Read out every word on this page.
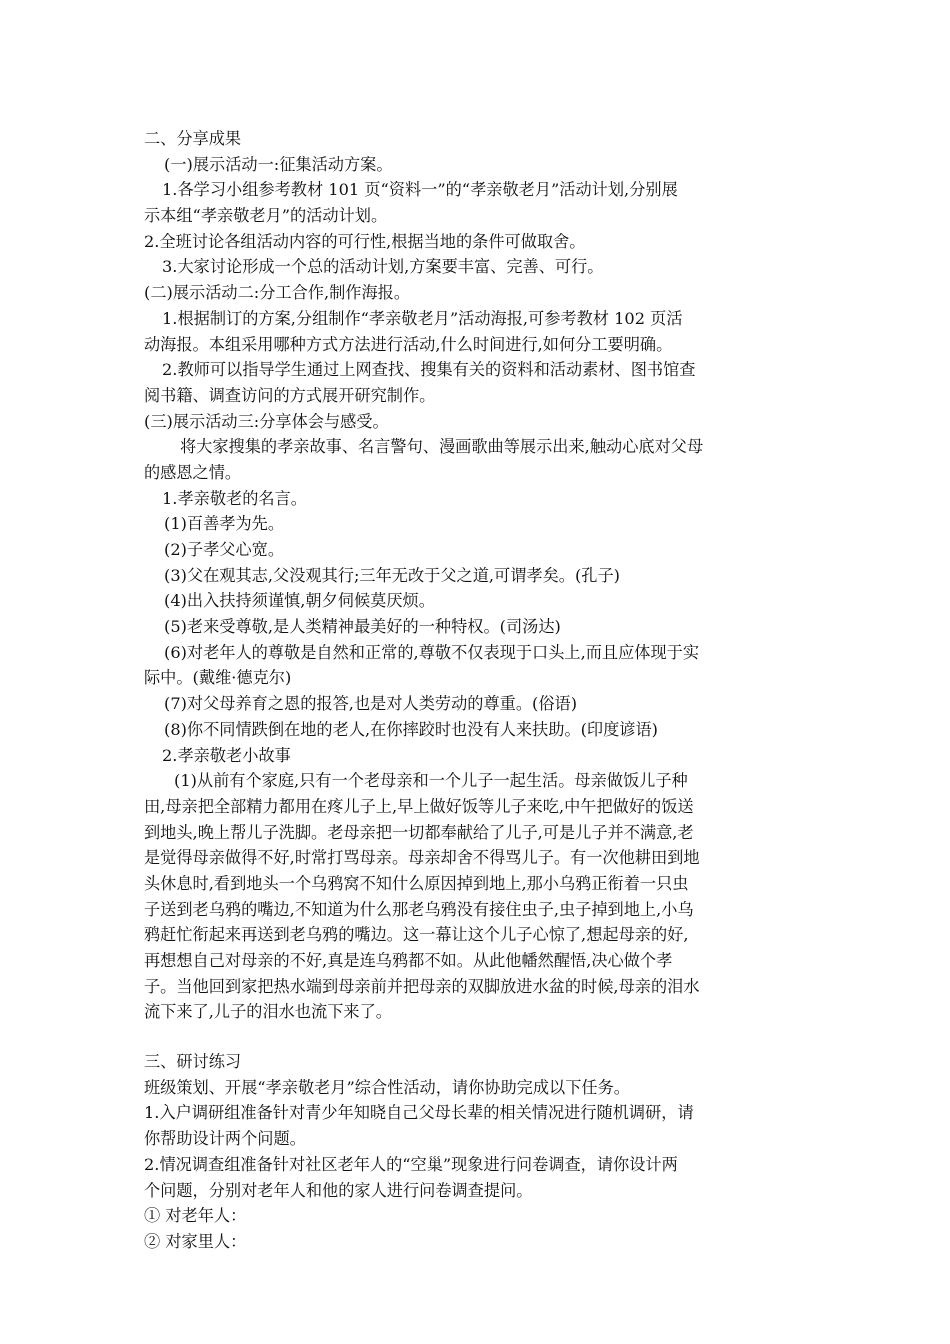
二、分享成果
(一)展示活动一:征集活动方案。
1.各学习小组参考教材 101 页“资料一”的“孝亲敬老月”活动计划,分别展
示本组“孝亲敬老月”的活动计划。
2.全班讨论各组活动内容的可行性,根据当地的条件可做取舍。
3.大家讨论形成一个总的活动计划,方案要丰富、完善、可行。
(二)展示活动二:分工合作,制作海报。
1.根据制订的方案,分组制作“孝亲敬老月”活动海报,可参考教材 102 页活
动海报。本组采用哪种方式方法进行活动,什么时间进行,如何分工要明确。
2.教师可以指导学生通过上网查找、搜集有关的资料和活动素材、图书馆查
阅书籍、调查访问的方式展开研究制作。
(三)展示活动三:分享体会与感受。
将大家搜集的孝亲故事、名言警句、漫画歌曲等展示出来,触动心底对父母
的感恩之情。
1.孝亲敬老的名言。
(1)百善孝为先。
(2)子孝父心宽。
(3)父在观其志,父没观其行;三年无改于父之道,可谓孝矣。(孔子)
(4)出入扶持须谨慎,朝夕伺候莫厌烦。
(5)老来受尊敬,是人类精神最美好的一种特权。(司汤达)
(6)对老年人的尊敬是自然和正常的,尊敬不仅表现于口头上,而且应体现于实
际中。(戴维·德克尔)
(7)对父母养育之恩的报答,也是对人类劳动的尊重。(俗语)
(8)你不同情跌倒在地的老人,在你摔跤时也没有人来扶助。(印度谚语)
2.孝亲敬老小故事
(1)从前有个家庭,只有一个老母亲和一个儿子一起生活。母亲做饭儿子种
田,母亲把全部精力都用在疼儿子上,早上做好饭等儿子来吃,中午把做好的饭送
到地头,晚上帮儿子洗脚。老母亲把一切都奉献给了儿子,可是儿子并不满意,老
是觉得母亲做得不好,时常打骂母亲。母亲却舍不得骂儿子。有一次他耕田到地
头休息时,看到地头一个乌鸦窝不知什么原因掉到地上,那小乌鸦正衔着一只虫
子送到老乌鸦的嘴边,不知道为什么那老乌鸦没有接住虫子,虫子掉到地上,小乌
鸦赶忙衔起来再送到老乌鸦的嘴边。这一幕让这个儿子心惊了,想起母亲的好,
再想想自己对母亲的不好,真是连乌鸦都不如。从此他幡然醒悟,决心做个孝
子。当他回到家把热水端到母亲前并把母亲的双脚放进水盆的时候,母亲的泪水
流下来了,儿子的泪水也流下来了。
三、研讨练习
班级策划、开展“孝亲敬老月”综合性活动，请你协助完成以下任务。
1.入户调研组准备针对青少年知晓自己父母长辈的相关情况进行随机调研，请
你帮助设计两个问题。
2.情况调查组准备针对社区老年人的“空巢”现象进行问卷调查，请你设计两
个问题，分别对老年人和他的家人进行问卷调查提问。
① 对老年人：
② 对家里人：
